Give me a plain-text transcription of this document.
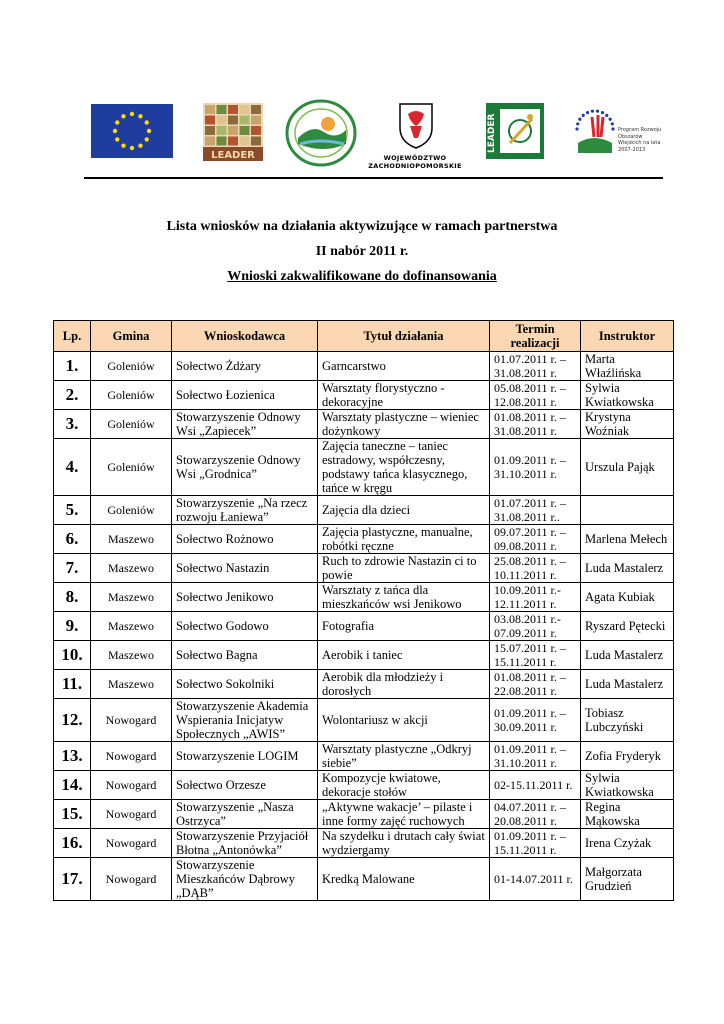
LEADER	WOJEWÓDZTWO ZACHODNIOPOMORSKIE
LEADER	Program Rozwoju Obszarów Wiejskich na lata 2007-2013
Lista wniosków na działania aktywizujące w ramach partnerstwa
II nabór 2011 r.
Wnioski zakwalifikowane do dofinansowania
Lp.	Gmina	Wnioskodawca	Tytuł działania	Termin realizacji	Instruktor
1.	Goleniów	Sołectwo Żdżary	Garncarstwo	01.07.2011 r. – 31.08.2011 r.	Marta Właźlińska
2.	Goleniów	Sołectwo Łozienica	Warsztaty florystyczno - dekoracyjne	05.08.2011 r. – 12.08.2011 r.	Sylwia Kwiatkowska
3.	Goleniów	Stowarzyszenie Odnowy Wsi „Zapiecek”	Warsztaty plastyczne – wieniec dożynkowy	01.08.2011 r. – 31.08.2011 r.	Krystyna Woźniak
4.	Goleniów	Stowarzyszenie Odnowy Wsi „Grodnica”	Zajęcia taneczne – taniec estradowy, współczesny, podstawy tańca klasycznego, tańce w kręgu	01.09.2011 r. – 31.10.2011 r.	Urszula Pająk
5.	Goleniów	Stowarzyszenie „Na rzecz rozwoju Łaniewa”	Zajęcia dla dzieci	01.07.2011 r. – 31.08.2011 r..	
6.	Maszewo	Sołectwo Rożnowo	Zajęcia plastyczne, manualne, robótki ręczne	09.07.2011 r. – 09.08.2011 r.	Marlena Mełech
7.	Maszewo	Sołectwo Nastazin	Ruch to zdrowie Nastazin ci to powie	25.08.2011 r. – 10.11.2011 r.	Luda Mastalerz
8.	Maszewo	Sołectwo Jenikowo	Warsztaty z tańca dla mieszkańców wsi Jenikowo	10.09.2011 r.- 12.11.2011 r.	Agata Kubiak
9.	Maszewo	Sołectwo Godowo	Fotografia	03.08.2011 r.- 07.09.2011 r.	Ryszard Pętecki
10.	Maszewo	Sołectwo Bagna	Aerobik i taniec	15.07.2011 r. – 15.11.2011 r.	Luda Mastalerz
11.	Maszewo	Sołectwo Sokolniki	Aerobik dla młodzieży i dorosłych	01.08.2011 r. – 22.08.2011 r.	Luda Mastalerz
12.	Nowogard	Stowarzyszenie Akademia Wspierania Inicjatyw Społecznych „AWIS”	Wolontariusz w akcji	01.09.2011 r. – 30.09.2011 r.	Tobiasz Lubczyński
13.	Nowogard	Stowarzyszenie LOGIM	Warsztaty plastyczne „Odkryj siebie”	01.09.2011 r. – 31.10.2011 r.	Zofia Fryderyk
14.	Nowogard	Sołectwo Orzesze	Kompozycje kwiatowe, dekoracje stołów	02-15.11.2011 r.	Sylwia Kwiatkowska
15.	Nowogard	Stowarzyszenie „Nasza Ostrzyca”	„Aktywne wakacje’ – pilaste i inne formy zajęć ruchowych	04.07.2011 r. – 20.08.2011 r.	Regina Mąkowska
16.	Nowogard	Stowarzyszenie Przyjaciół Błotna „Antonówka”	Na szydełku i drutach cały świat wydziergamy	01.09.2011 r. – 15.11.2011 r.	Irena Czyżak
17.	Nowogard	Stowarzyszenie Mieszkańców Dąbrowy „DĄB”	Kredką Malowane	01-14.07.2011 r.	Małgorzata Grudzień
